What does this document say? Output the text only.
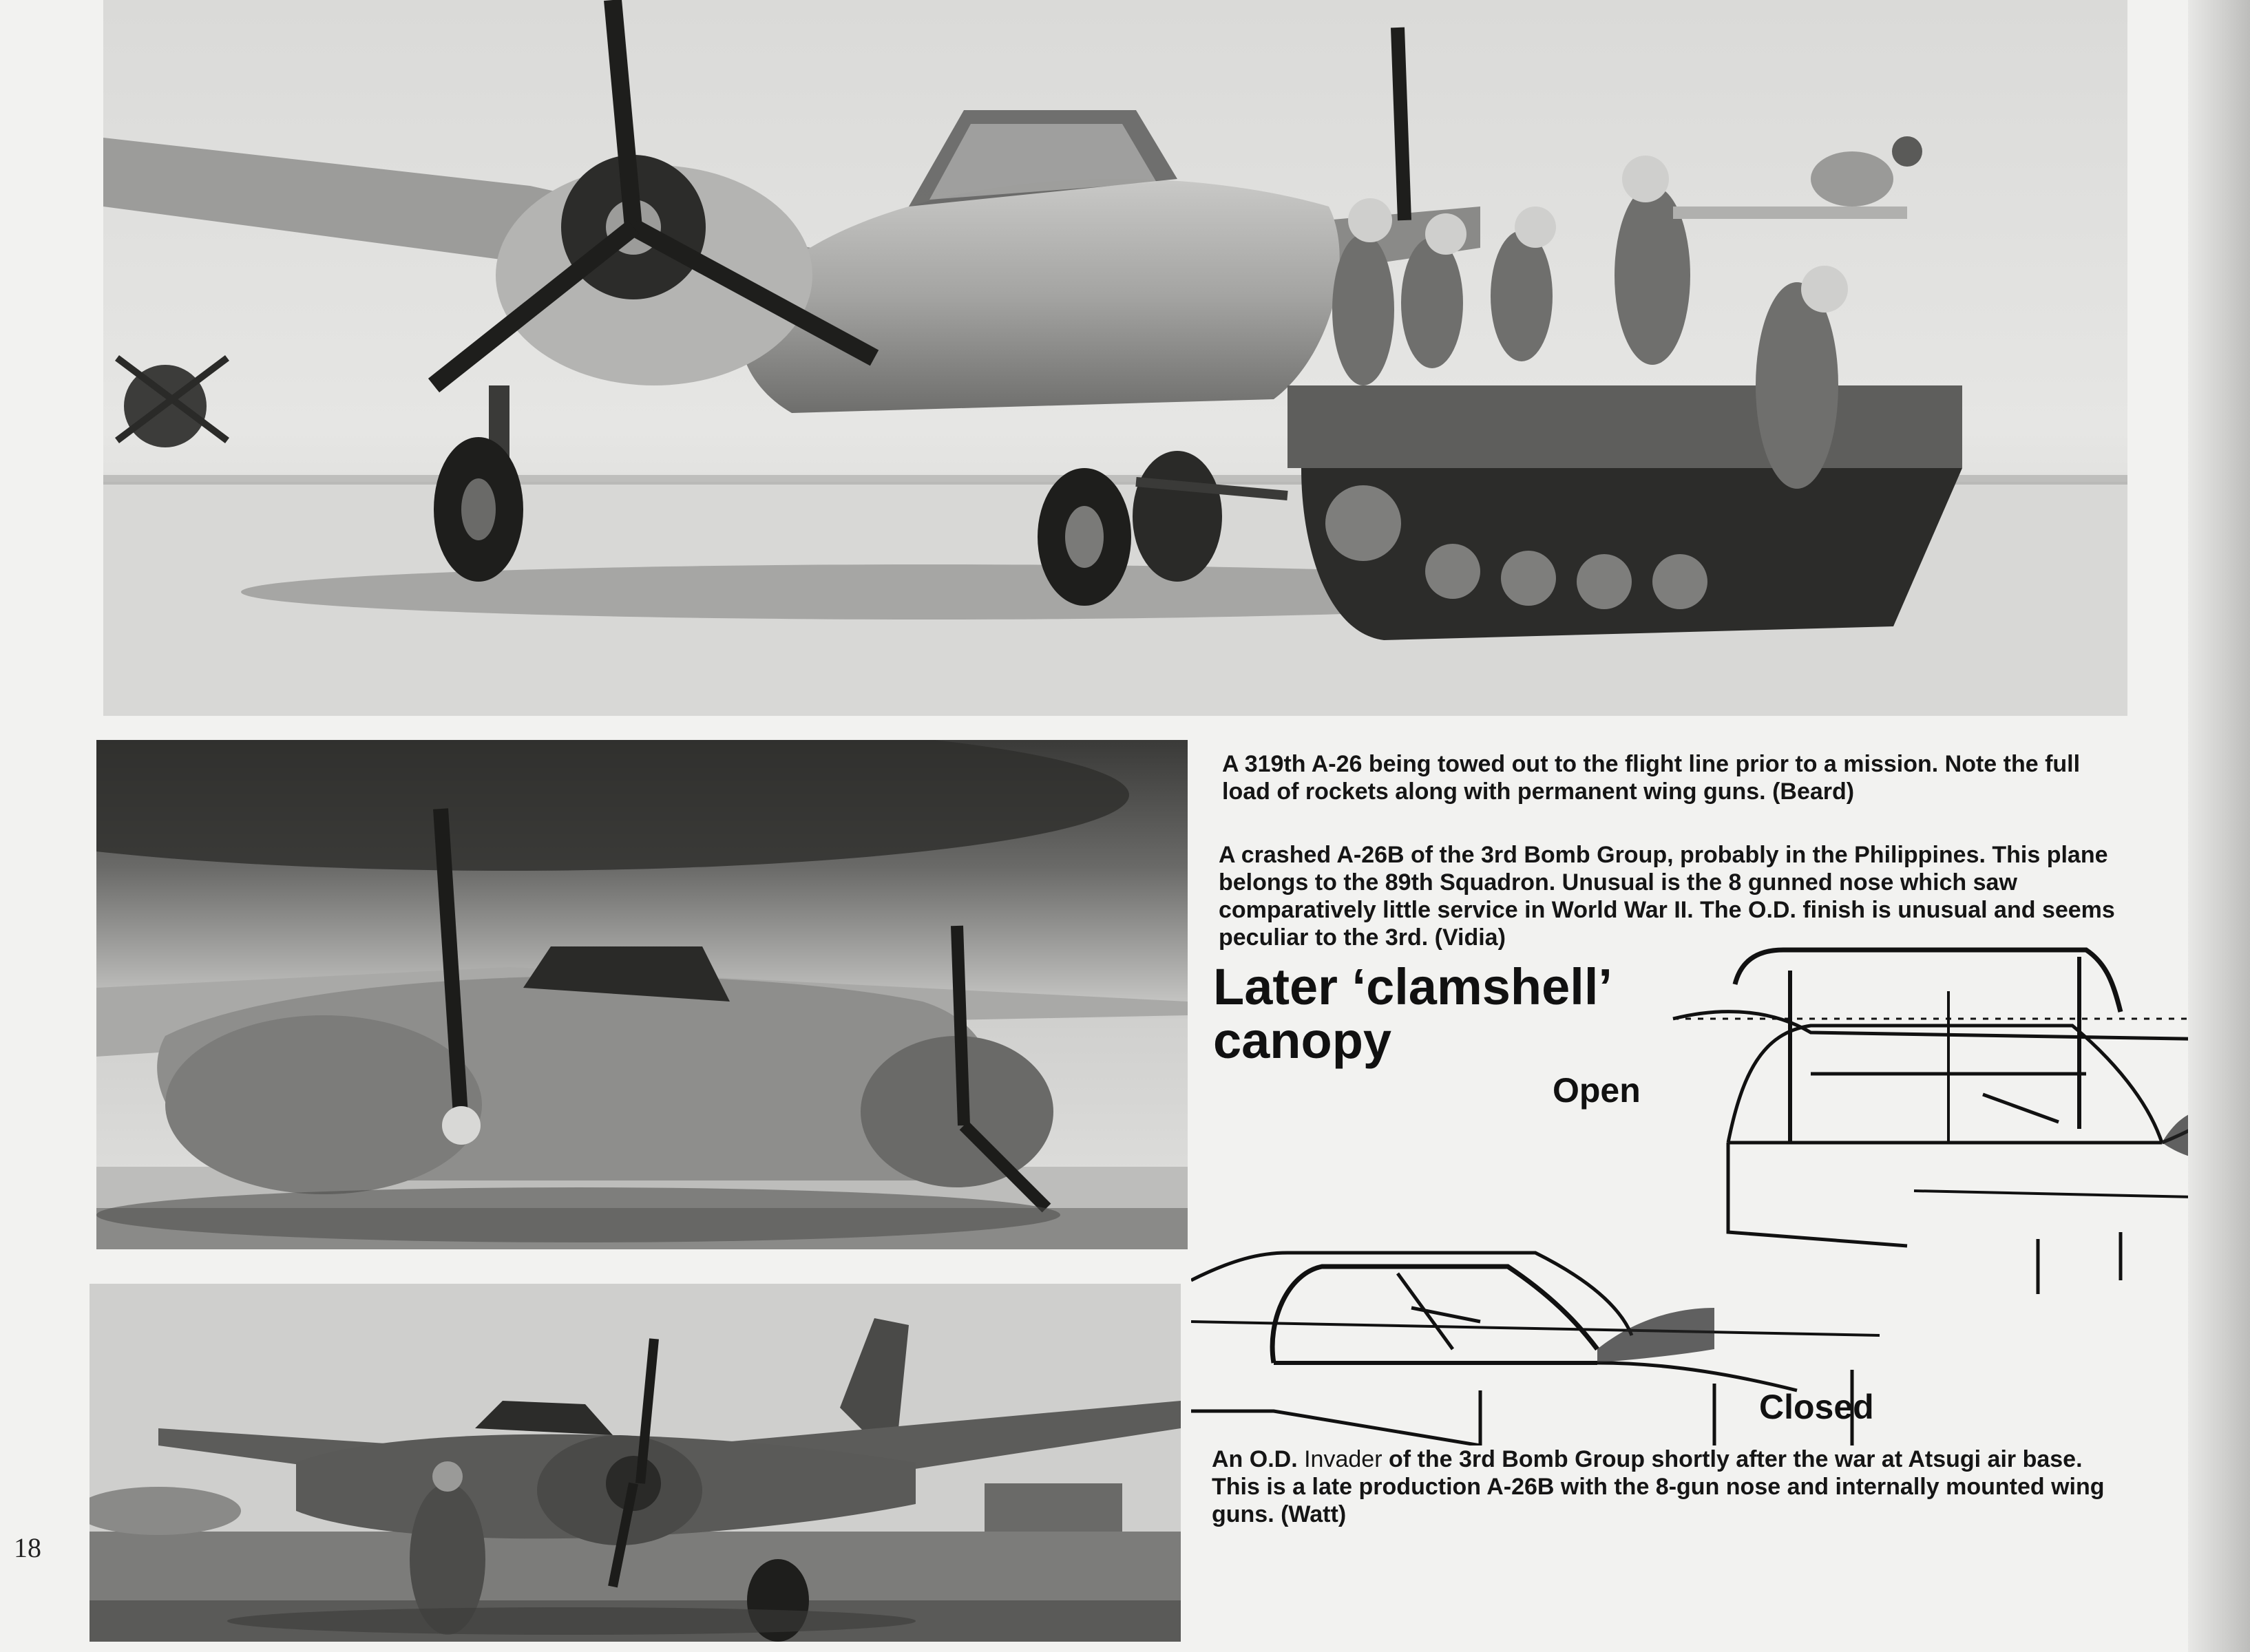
A 319th A-26 being towed out to the flight line prior to a mission. Note the full load of rockets along with permanent wing guns. (Beard)

A crashed A-26B of the 3rd Bomb Group, probably in the Philippines. This plane belongs to the 89th Squadron. Unusual is the 8 gunned nose which saw comparatively little service in World War II. The O.D. finish is unusual and seems peculiar to the 3rd. (Vidia)

An O.D. Invader of the 3rd Bomb Group shortly after the war at Atsugi air base. This is a late production A-26B with the 8-gun nose and internally mounted wing guns. (Watt)

Later ‘clamshell’
canopy

Open

Closed

18
